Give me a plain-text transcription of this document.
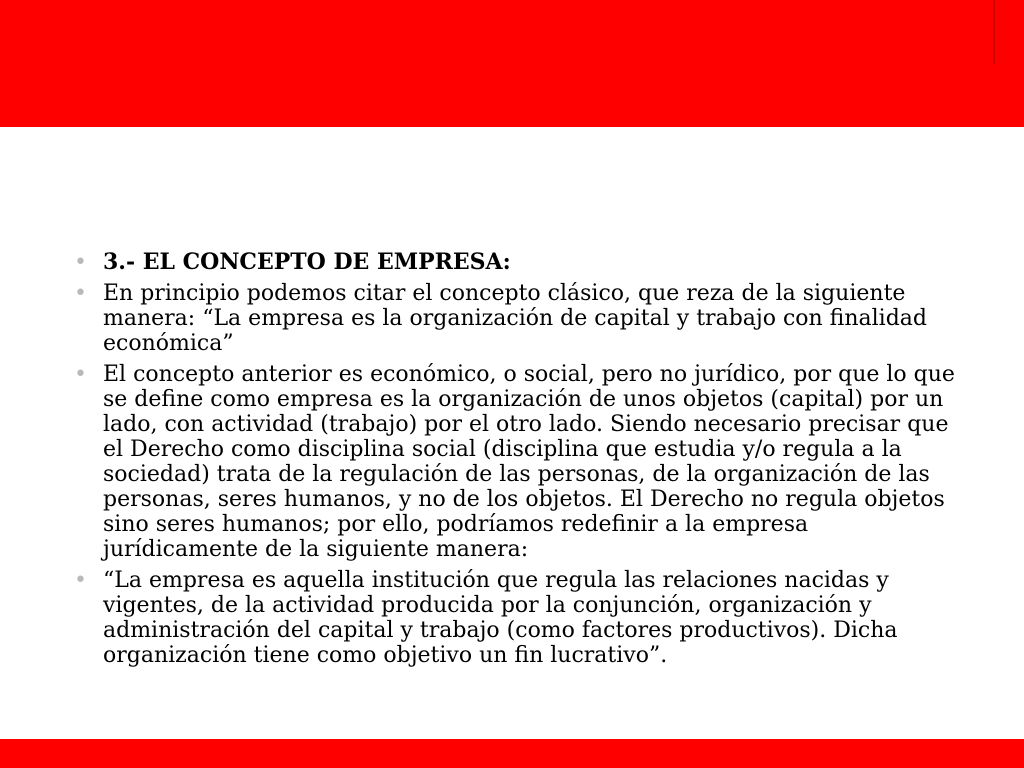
• 3.- EL CONCEPTO DE EMPRESA:
• En principio podemos citar el concepto clásico, que reza de la siguiente manera: “La empresa es la organización de capital y trabajo con finalidad económica”
• El concepto anterior es económico, o social, pero no jurídico, por que lo que se define como empresa es la organización de unos objetos (capital) por un lado, con actividad (trabajo) por el otro lado. Siendo necesario precisar que el Derecho como disciplina social (disciplina que estudia y/o regula a la sociedad) trata de la regulación de las personas, de la organización de las personas, seres humanos, y no de los objetos. El Derecho no regula objetos sino seres humanos; por ello, podríamos redefinir a la empresa jurídicamente de la siguiente manera:
• “La empresa es aquella institución que regula las relaciones nacidas y vigentes, de la actividad producida por la conjunción, organización y administración del capital y trabajo (como factores productivos). Dicha organización tiene como objetivo un fin lucrativo”.
